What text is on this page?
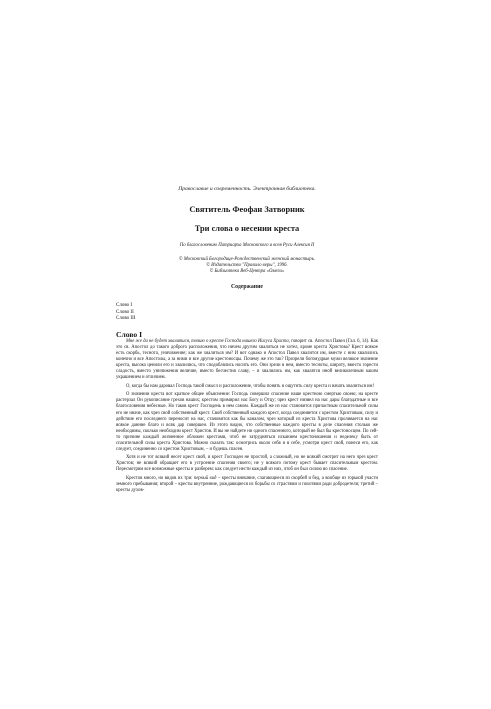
Православие и современность. Электронная библиотека.
Святитель Феофан Затворник
Три слова о несении креста
По благословению Патриарха Московского и всея Руси Алексия II
© Московский Богородице-Рождественский женский монастырь.
© Издательство "Правило веры", 1996.
© Библиотека Веб-Центра «Омега»
Содержание
Слово I
Слово II
Слово III
Слово I

Мне же да не будет хвалитися, точию о кресте Господа нашего Иисуса Христа, говорит св. Апостол Павел (Гал. 6, 14). Как это св. Апостол до такого доброго расположения, что ничем другим хвалиться не хотел, кроме креста Христова? Крест всякое есть скорбь, теснота, уничижение; как же хвалиться им? И вот однако и Апостол Павел хвалится им, вместе с ним хвалились конечно и все Апостолы, а за ними и все другие крестоносцы. Почему же это так? Прозрели богомудрые мужи великое значение креста, высоко ценили его и хвалились, что сподоблялись носить его. Они зрели в нем, вместо тесноты, широту, вместо горести сладость, вместо уничижения величие, вместо бесчестия славу, – и хвалились им, как хвалятся иной великолепным каким украшением и отличием.

О, когда бы нам даровал Господь такой смысл и расположение, чтобы понять и ощутить силу креста и начать хвалиться им!

О значении креста вот краткое общее объяснение: Господь совершил спасение наше крестною смертью своею; на кресте растерзал Он рукописание грехов наших; крестом примирил нас Богу и Отцу; чрез крест низвел на нас дары благодатные и все благословения небесные. Но таков крест Господень в нем самом. Каждый же из нас становится причастным спасительной силы его не иначе, как чрез свой собственный крест. Свой собственный каждого крест, когда соединяется с крестом Христовым, силу и действие его последнего переносит на нас, становится как бы каналом, чрез который из креста Христова проливается на нас всякое данние благо и всяк дар совершен. Из этого видно, что собственные каждого кресты в деле спасения столько же необходимы, сколько необходим крест Христов. И вы не найдете ни одного спасенного, который не был бы крестоносцем. По сей-то причине каждый жизненное обложен крестами, чтоб не затрудняться исканием крестоношения и неделеку быть от спасительной силы креста Христова. Можно сказать так: осмотрись около себя и в себе, усмотри крест свой, понеси его, как следует, соединенно со крестом Христовым, – и будешь спасен.

Хотя и не тот всякий несет крест свой, и крест Господен не простой, а сложный, но не всякий смотрит на него чрез крест Христов; не всякий обращает его в устроение спасения своего; не у всякого потому крест бывает спасительным крестом. Пересмотрим все возможные кресты и разберем: как следует нести каждый из них, чтоб он был силою во спасение.

Крестов много, но видов их три: первый вид – кресты внешние, слагающиеся из скорбей и бед, а вообще из горькой участи земного пребывания; второй – кресты внутренние, рождающиеся из борьбы со страстями и похотями ради добродетели; третий – кресты духов-
